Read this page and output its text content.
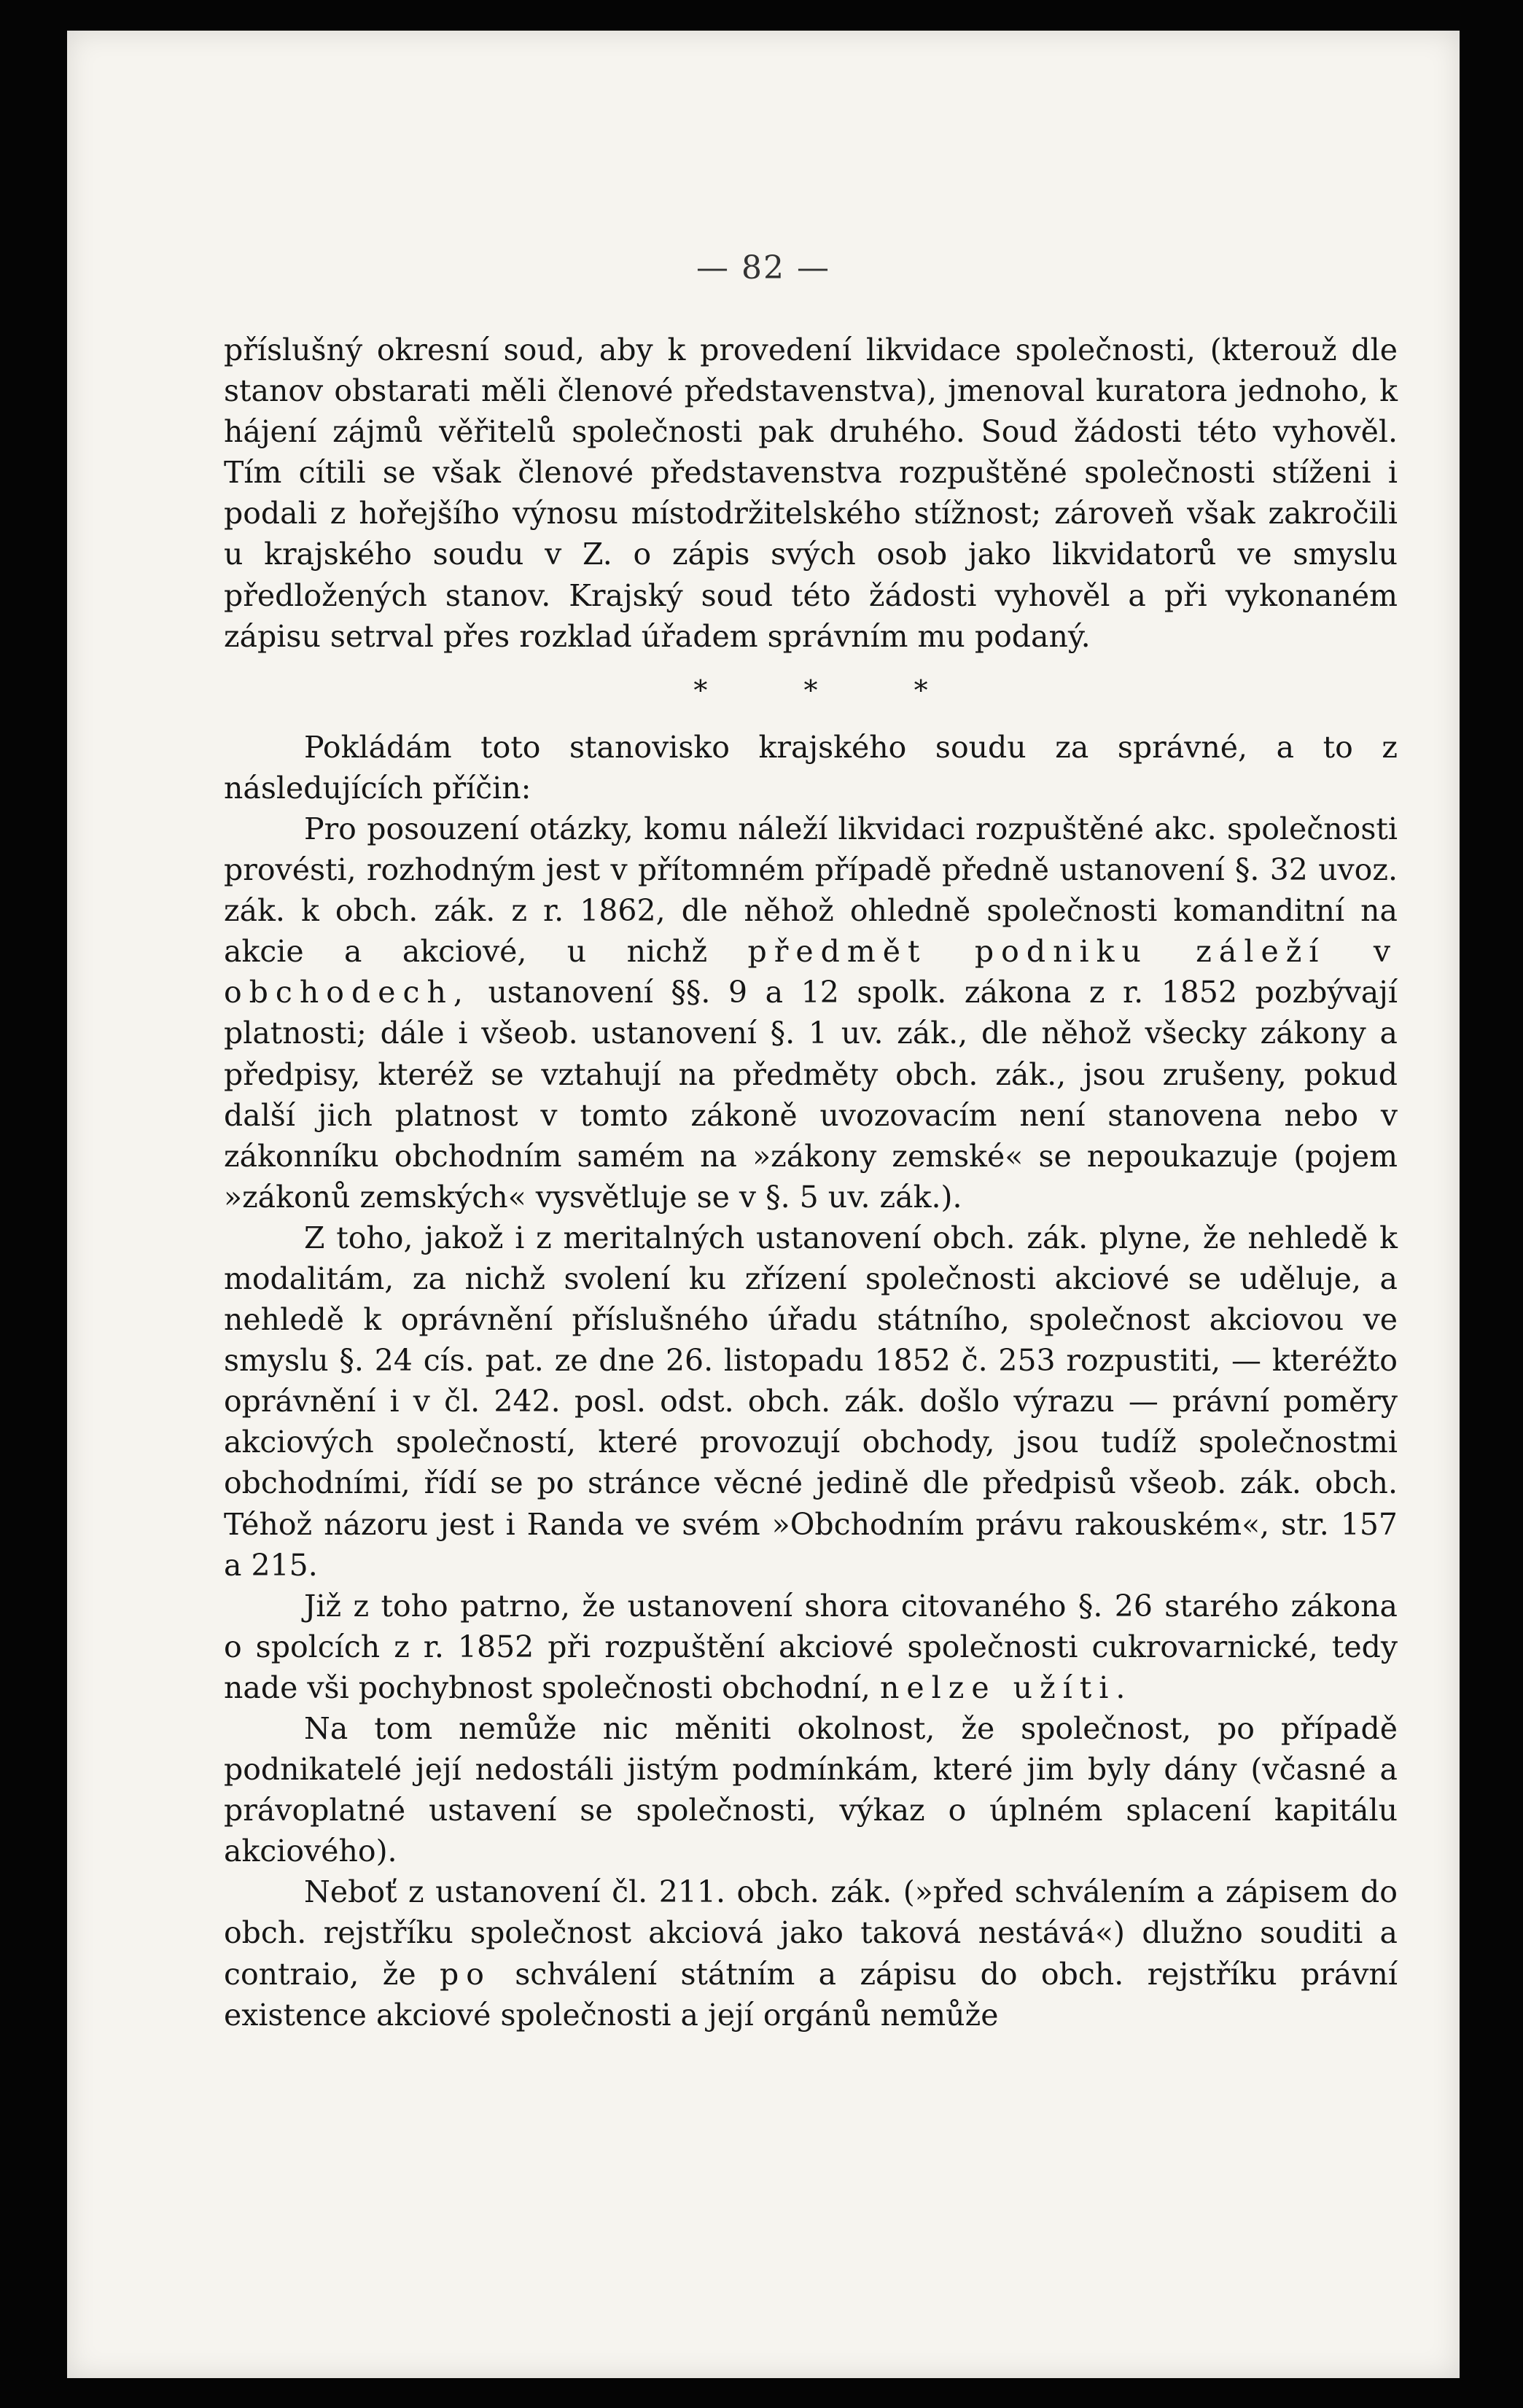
— 82 —

příslušný okresní soud, aby k provedení likvidace společnosti, (kterouž dle stanov obstarati měli členové představenstva), jmenoval kuratora jednoho, k hájení zájmů věřitelů společnosti pak druhého. Soud žádosti této vyhověl. Tím cítili se však členové představenstva rozpuštěné společnosti stíženi i podali z hořejšího výnosu místodržitelského stížnost; zároveň však zakročili u krajského soudu v Z. o zápis svých osob jako likvidatorů ve smyslu předložených stanov. Krajský soud této žádosti vyhověl a při vykonaném zápisu setrval přes rozklad úřadem správním mu podaný.

* * *

Pokládám toto stanovisko krajského soudu za správné, a to z následujících příčin:

Pro posouzení otázky, komu náleží likvidaci rozpuštěné akc. společnosti provésti, rozhodným jest v přítomném případě předně ustanovení §. 32 uvoz. zák. k obch. zák. z r. 1862, dle něhož ohledně společnosti komanditní na akcie a akciové, u nichž předmět podniku záleží v obchodech, ustanovení §§. 9 a 12 spolk. zákona z r. 1852 pozbývají platnosti; dále i všeob. ustanovení §. 1 uv. zák., dle něhož všecky zákony a předpisy, kteréž se vztahují na předměty obch. zák., jsou zrušeny, pokud další jich platnost v tomto zákoně uvozovacím není stanovena nebo v zákonníku obchodním samém na »zákony zemské« se nepoukazuje (pojem »zákonů zemských« vysvětluje se v §. 5 uv. zák.).

Z toho, jakož i z meritalných ustanovení obch. zák. plyne, že nehledě k modalitám, za nichž svolení ku zřízení společnosti akciové se uděluje, a nehledě k oprávnění příslušného úřadu státního, společnost akciovou ve smyslu §. 24 cís. pat. ze dne 26. listopadu 1852 č. 253 rozpustiti, — kteréžto oprávnění i v čl. 242. posl. odst. obch. zák. došlo výrazu — právní poměry akciových společností, které provozují obchody, jsou tudíž společnostmi obchodními, řídí se po stránce věcné jedině dle předpisů všeob. zák. obch. Téhož názoru jest i Randa ve svém »Obchodním právu rakouském«, str. 157 a 215.

Již z toho patrno, že ustanovení shora citovaného §. 26 starého zákona o spolcích z r. 1852 při rozpuštění akciové společnosti cukrovarnické, tedy nade vši pochybnost společnosti obchodní, nelze užíti.

Na tom nemůže nic měniti okolnost, že společnost, po případě podnikatelé její nedostáli jistým podmínkám, které jim byly dány (včasné a právoplatné ustavení se společnosti, výkaz o úplném splacení kapitálu akciového).

Neboť z ustanovení čl. 211. obch. zák. (»před schválením a zápisem do obch. rejstříku společnost akciová jako taková nestává«) dlužno souditi a contraio, že po schválení státním a zápisu do obch. rejstříku právní existence akciové společnosti a její orgánů nemůže
